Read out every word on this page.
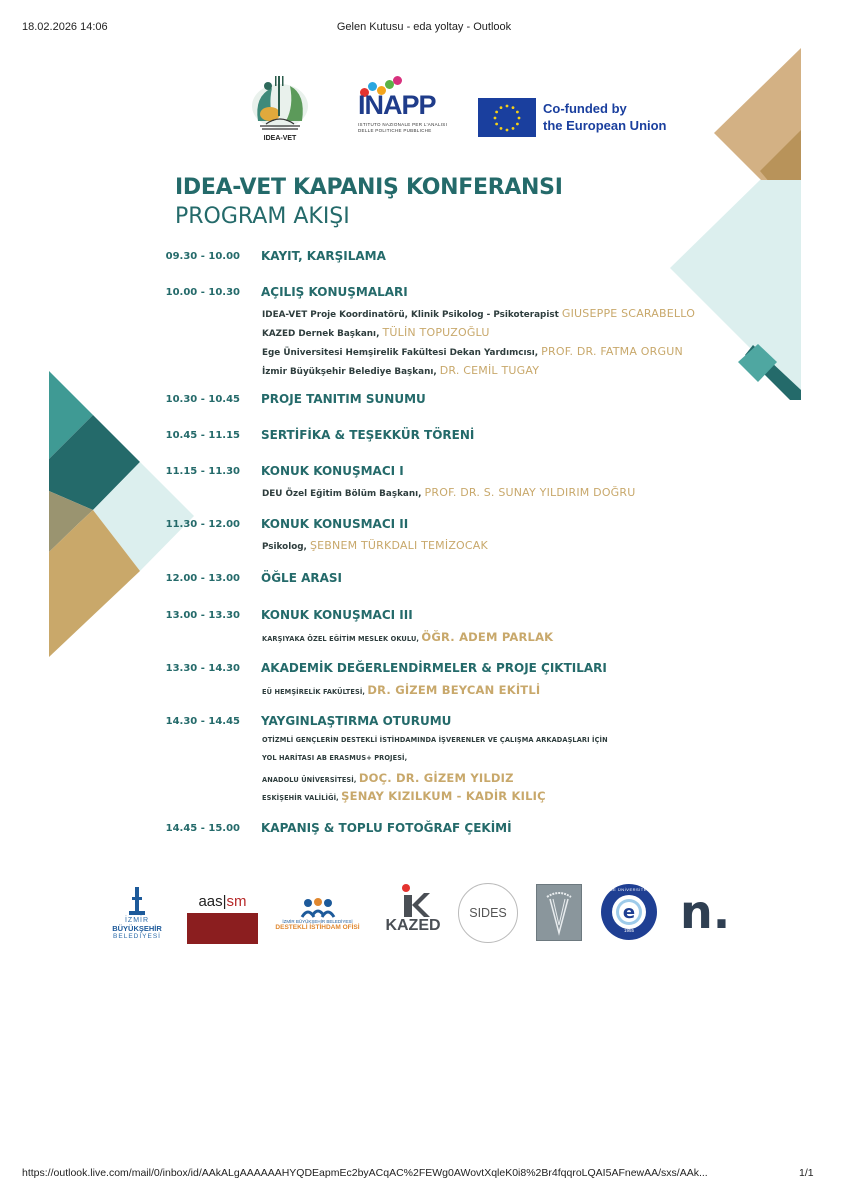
18.02.2026 14:06	Gelen Kutusu - eda yoltay - Outlook
IDEA-VET
INAPP
ISTITUTO NAZIONALE PER L'ANALISI DELLE POLITICHE PUBBLICHE
Co-funded by
the European Union
IDEA-VET KAPANIŞ KONFERANSI
PROGRAM AKIŞI
09.30 - 10.00 KAYIT, KARŞILAMA
10.00 - 10.30 AÇILIŞ KONUŞMALARI
IDEA-VET Proje Koordinatörü, Klinik Psikolog - Psikoterapist GIUSEPPE SCARABELLO
KAZED Dernek Başkanı, TÜLİN TOPUZOĞLU
Ege Üniversitesi Hemşirelik Fakültesi Dekan Yardımcısı, PROF. DR. FATMA ORGUN
İzmir Büyükşehir Belediye Başkanı, DR. CEMİL TUGAY
10.30 - 10.45 PROJE TANITIM SUNUMU
10.45 - 11.15 SERTİFİKA & TEŞEKKÜR TÖRENİ
11.15 - 11.30 KONUK KONUŞMACI I
DEU Özel Eğitim Bölüm Başkanı, PROF. DR. S. SUNAY YILDIRIM DOĞRU
11.30 - 12.00 KONUK KONUSMACI II
Psikolog, ŞEBNEM TÜRKDALI TEMİZOCAK
12.00 - 13.00 ÖĞLE ARASI
13.00 - 13.30 KONUK KONUŞMACI III
KARŞIYAKA ÖZEL EĞİTİM MESLEK OKULU, ÖĞR. ADEM PARLAK
13.30 - 14.30 AKADEMİK DEĞERLENDİRMELER & PROJE ÇIKTILARI
EÜ HEMŞİRELİK FAKÜLTESİ, DR. GİZEM BEYCAN EKİTLİ
14.30 - 14.45 YAYGINLAŞTIRMA OTURUMU
OTİZMLİ GENÇLERİN DESTEKLİ İSTİHDAMINDA İŞVERENLER VE ÇALIŞMA ARKADAŞLARI İÇİN
YOL HARİTASI AB ERASMUS+ PROJESİ,
ANADOLU ÜNİVERSİTESİ, DOÇ. DR. GİZEM YILDIZ
ESKİŞEHİR VALİLİĞİ, ŞENAY KIZILKUM - KADİR KILIÇ
14.45 - 15.00 KAPANIŞ & TOPLU FOTOĞRAF ÇEKİMİ
İZMİR
BÜYÜKŞEHİR
BELEDİYESİ
aas|sm
İZMİR BÜYÜKŞEHİR BELEDİYESİ
DESTEKLİ İSTİHDAM OFİSİ KAZED
SIDES	e
1955
EGE ÜNİVERSİTESİ n.
https://outlook.live.com/mail/0/inbox/id/AAkALgAAAAAAHYQDEapmEc2byACqAC%2FEWg0AWovtXqleK0i8%2Br4fqqroLQAI5AFnewAA/sxs/AAk...	1/1
